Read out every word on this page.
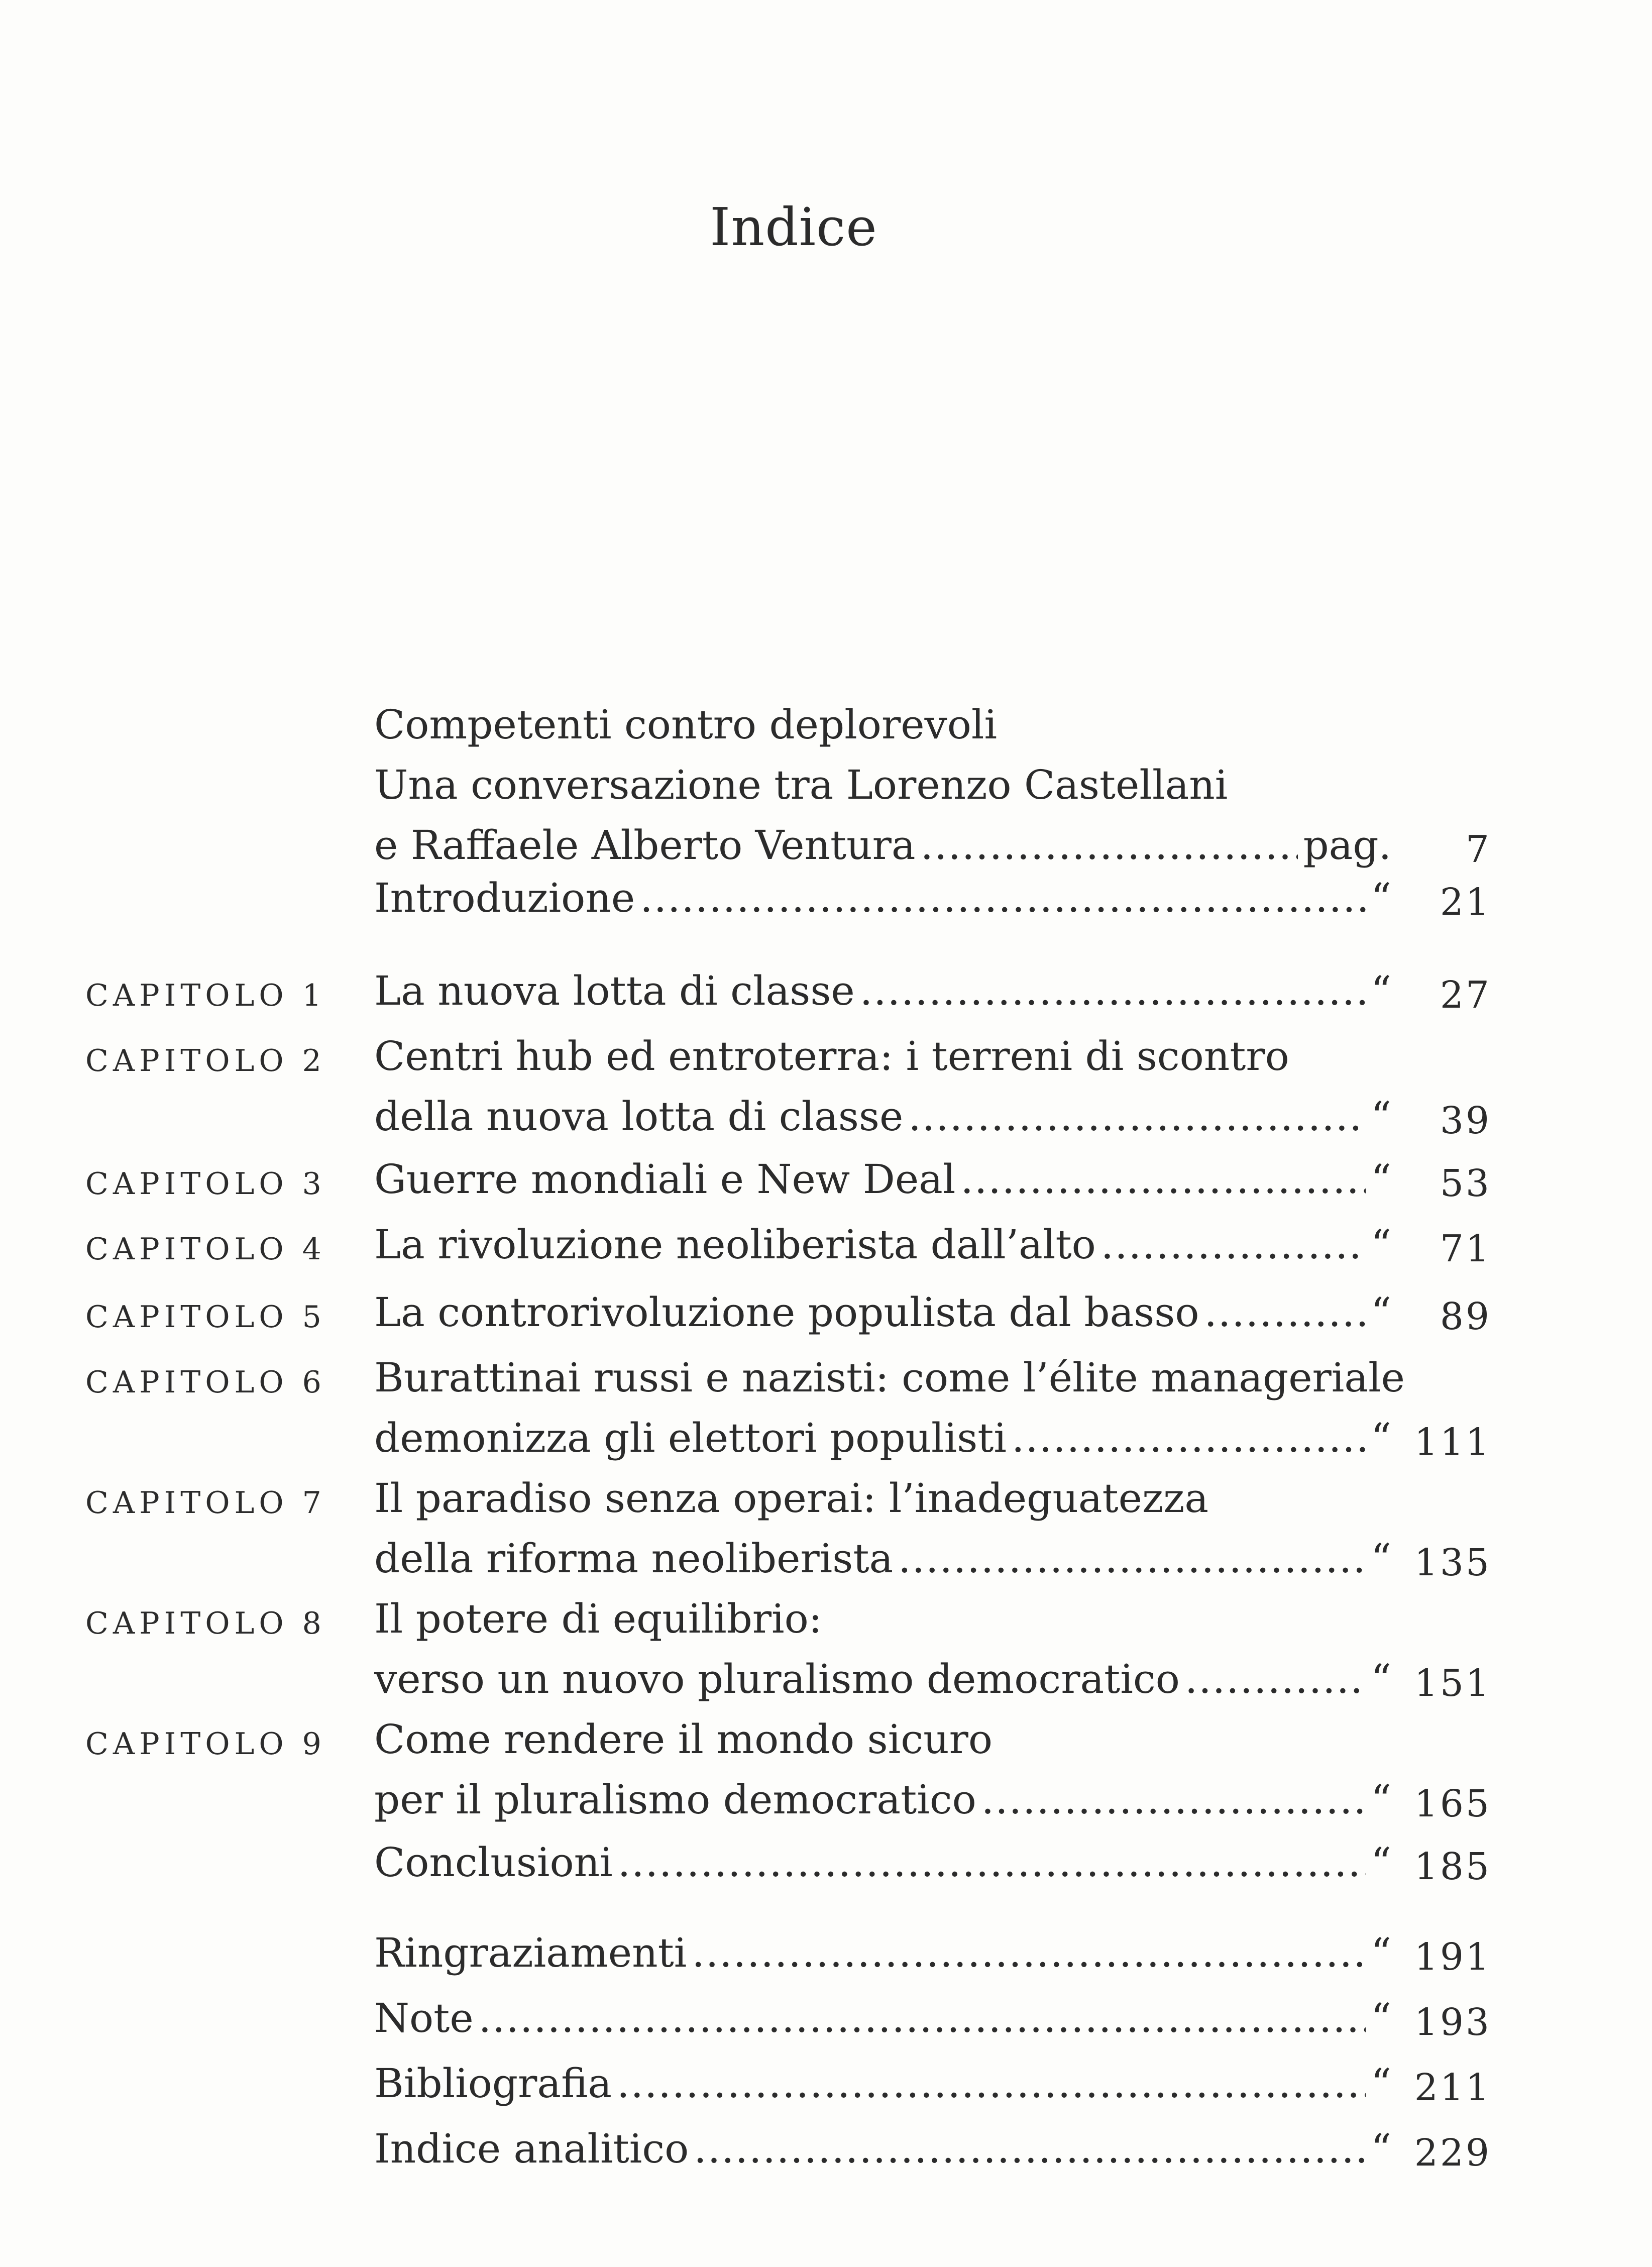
Indice
Competenti contro deplorevoli
Una conversazione tra Lorenzo Castellani
e Raffaele Alberto Ventura .....	pag. 7
Introduzione .....	“ 21
CAPITOLO 1 La nuova lotta di classe .....	“ 27
CAPITOLO 2 Centri hub ed entroterra: i terreni di scontro
della nuova lotta di classe .....	“ 39
CAPITOLO 3 Guerre mondiali e New Deal .....	“ 53
CAPITOLO 4 La rivoluzione neoliberista dall’alto .....	“ 71
CAPITOLO 5 La controrivoluzione populista dal basso .....	“ 89
CAPITOLO 6 Burattinai russi e nazisti: come l’élite manageriale
demonizza gli elettori populisti .....	“ 111
CAPITOLO 7 Il paradiso senza operai: l’inadeguatezza
della riforma neoliberista .....	“ 135
CAPITOLO 8 Il potere di equilibrio:
verso un nuovo pluralismo democratico .....	“ 151
CAPITOLO 9 Come rendere il mondo sicuro
per il pluralismo democratico .....	“ 165
Conclusioni .....	“ 185
Ringraziamenti .....	“ 191
Note .....	“ 193
Bibliografia .....	“ 211
Indice analitico .....	“ 229
